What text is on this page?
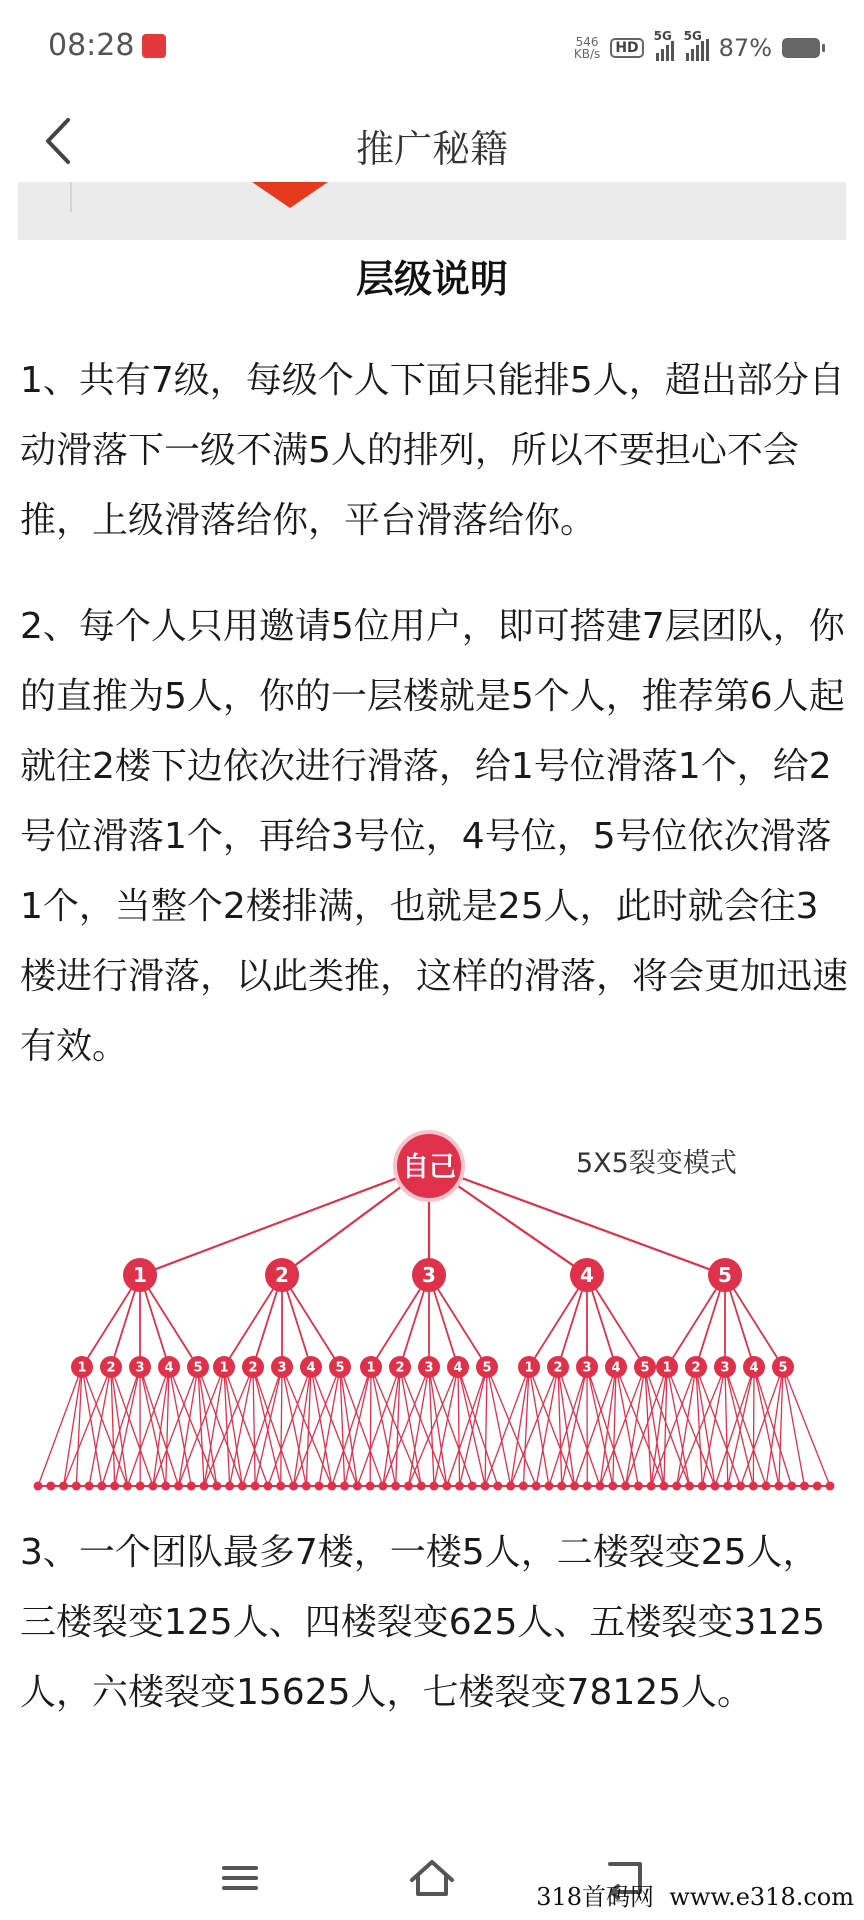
08:28	546
KB/s	HD
5G 5G 87%
推广秘籍
层级说明

1、共有7级，每级个人下面只能排5人，超出部分自动滑落下一级不满5人的排列，所以不要担心不会推，上级滑落给你，平台滑落给你。

2、每个人只用邀请5位用户，即可搭建7层团队，你的直推为5人，你的一层楼就是5个人，推荐第6人起就往2楼下边依次进行滑落，给1号位滑落1个，给2号位滑落1个，再给3号位，4号位，5号位依次滑落1个，当整个2楼排满，也就是25人，此时就会往3楼进行滑落，以此类推，这样的滑落，将会更加迅速有效。

1 2 3 4 5 1 2 3 4 5 1 2 3 4 5	1 2 3 4 5 1 2 3 4 5
1	2	3	4	5
自己	5X5裂变模式

3、一个团队最多7楼，一楼5人，二楼裂变25人，三楼裂变125人、四楼裂变625人、五楼裂变3125人，六楼裂变15625人，七楼裂变78125人。

318首码网  www.e318.com
